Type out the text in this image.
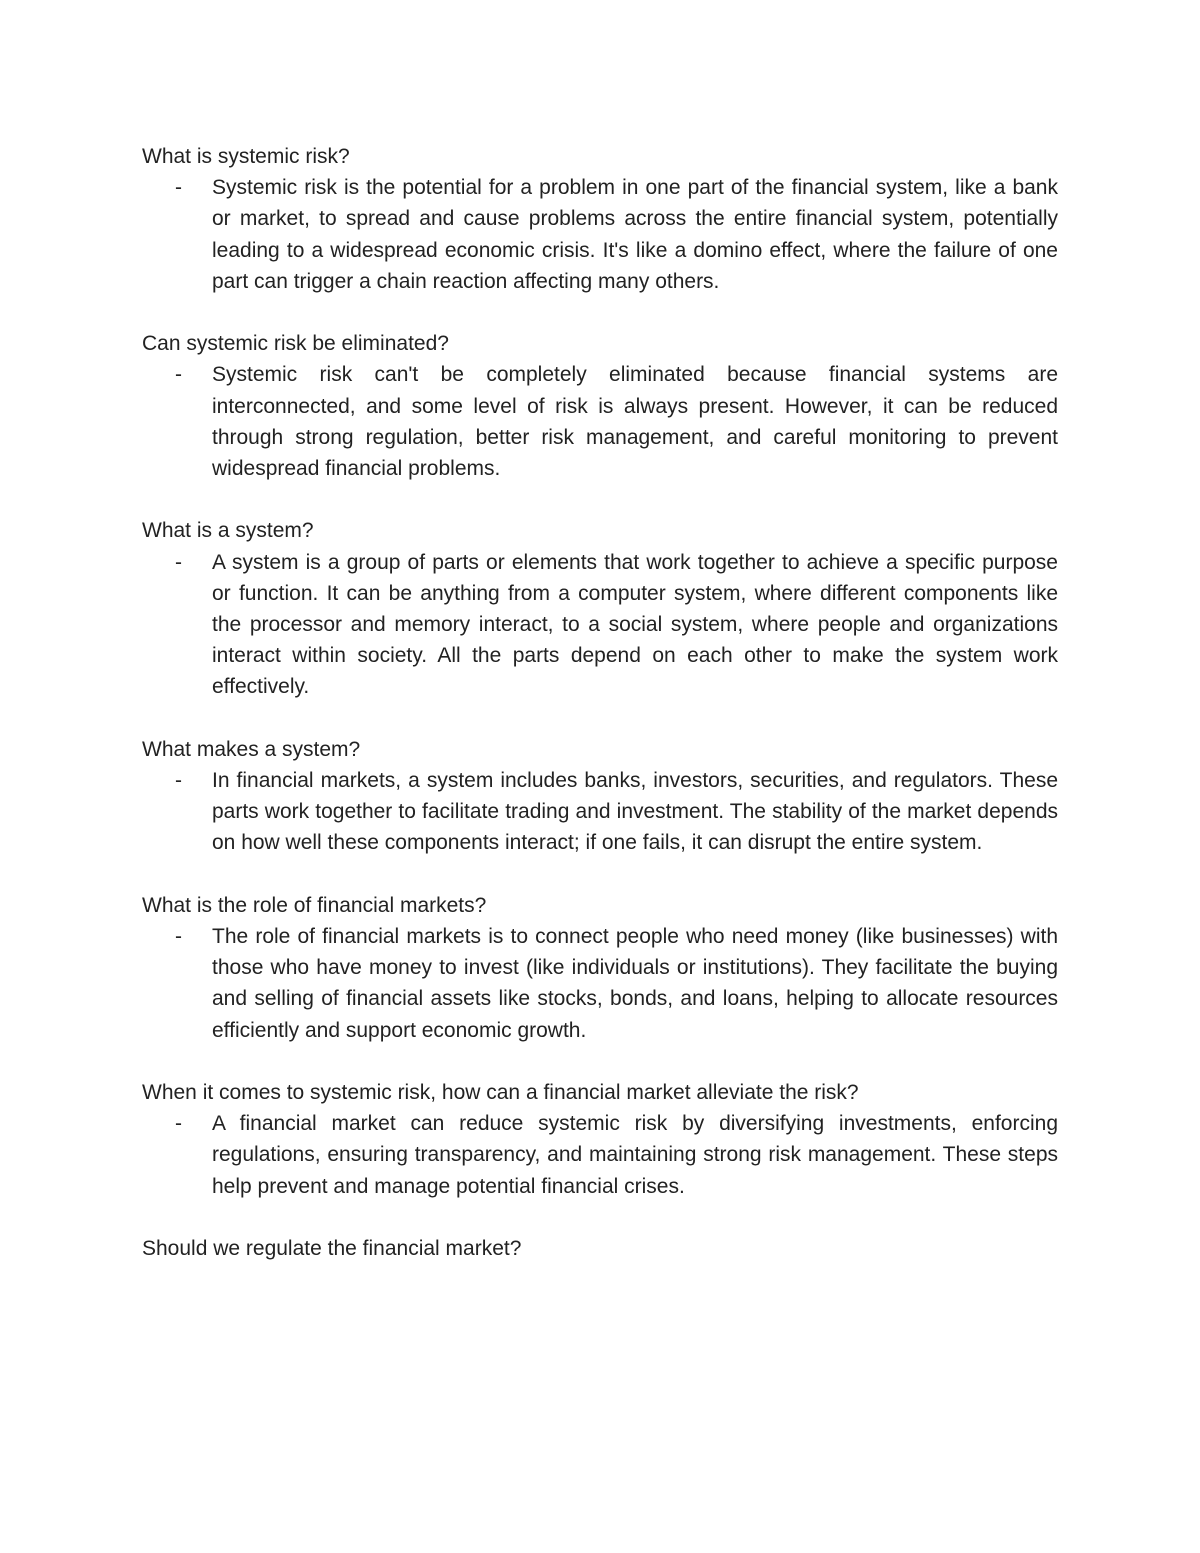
What is systemic risk?

-	Systemic risk is the potential for a problem in one part of the financial system, like a bank or market, to spread and cause problems across the entire financial system, potentially leading to a widespread economic crisis. It's like a domino effect, where the failure of one part can trigger a chain reaction affecting many others.

Can systemic risk be eliminated?

-	Systemic risk can't be completely eliminated because financial systems are interconnected, and some level of risk is always present. However, it can be reduced through strong regulation, better risk management, and careful monitoring to prevent widespread financial problems.

What is a system?

-	A system is a group of parts or elements that work together to achieve a specific purpose or function. It can be anything from a computer system, where different components like the processor and memory interact, to a social system, where people and organizations interact within society. All the parts depend on each other to make the system work effectively.

What makes a system?

-	In financial markets, a system includes banks, investors, securities, and regulators. These parts work together to facilitate trading and investment. The stability of the market depends on how well these components interact; if one fails, it can disrupt the entire system.

What is the role of financial markets?

-	The role of financial markets is to connect people who need money (like businesses) with those who have money to invest (like individuals or institutions). They facilitate the buying and selling of financial assets like stocks, bonds, and loans, helping to allocate resources efficiently and support economic growth.

When it comes to systemic risk, how can a financial market alleviate the risk?

-	A financial market can reduce systemic risk by diversifying investments, enforcing regulations, ensuring transparency, and maintaining strong risk management. These steps help prevent and manage potential financial crises.

Should we regulate the financial market?
